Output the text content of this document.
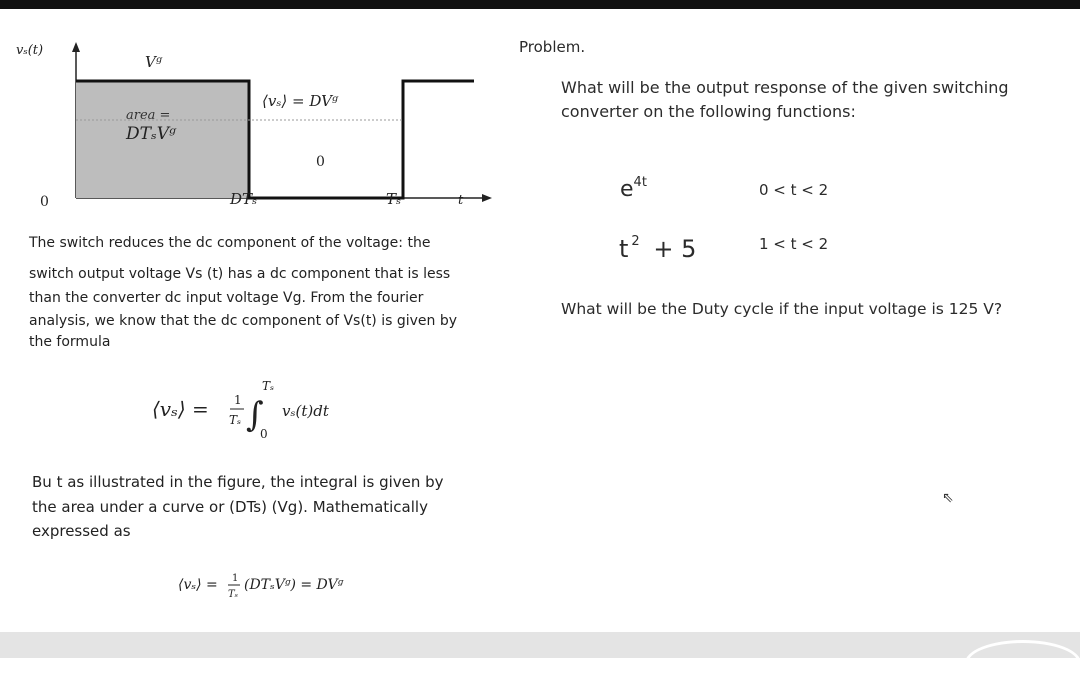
vₛ(t)
Vᵍ
area =
DTₛVᵍ
⟨vₛ⟩ = DVᵍ
0
0	DTₛ	Tₛ	t
The switch reduces the dc component of the voltage: the
switch output voltage Vs (t) has a dc component that is less
than the converter dc input voltage Vg. From the fourier
analysis, we know that the dc component of Vs(t) is given by
the formula
⟨vₛ⟩ = 1
Tₛ ∫
Tₛ
0
vₛ(t)dt
Bu t as illustrated in the figure, the integral is given by
the area under a curve or (DTs) (Vg). Mathematically
expressed as
⟨vₛ⟩ = 1
Tₛ
(DTₛVᵍ) = DVᵍ
Problem.
What will be the output response of the given switching
converter on the following functions:
$e^{4t}$	0 < t < 2
t $^2$ + 5	1 < t < 2
What will be the Duty cycle if the input voltage is 125 V?
⇖
